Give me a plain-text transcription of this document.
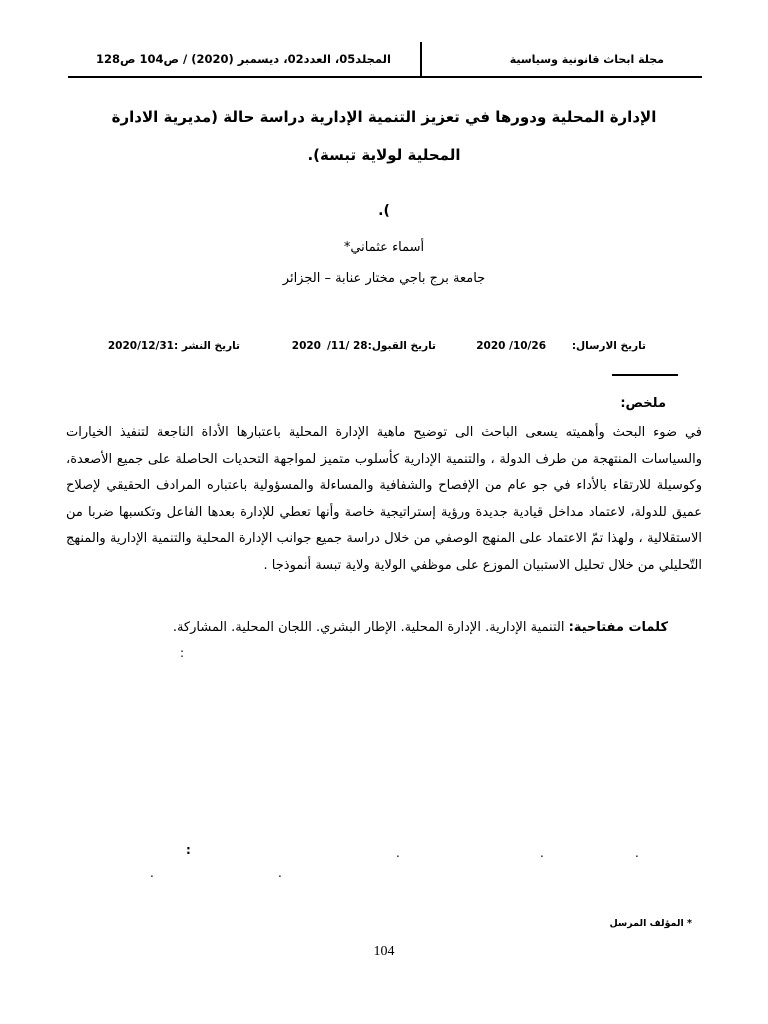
مجلة ابحاث قانونية وسياسية
المجلد05، العدد02، ديسمبر (2020) / ص104 ص128
الإدارة المحلية ودورها في تعزيز التنمية الإدارية دراسة حالة (مديرية الادارة المحلية لولاية تبسة).
).
أسماء عثماني*
جامعة برج باجي مختار عنابة – الجزائر
تاريخ الارسال:
10/26/ 2020
تاريخ القبول:28 /11/
2020
تاريخ النشر :2020/12/31
ملخص:
في ضوء البحث وأهميته يسعى الباحث الى توضيح ماهية الإدارة المحلية باعتبارها الأداة الناجعة لتنفيذ الخيارات والسياسات المنتهجة من طرف الدولة ، والتنمية الإدارية كأسلوب متميز لمواجهة التحديات الحاصلة على جميع الأصعدة، وكوسيلة للارتقاء بالأداء في جو عام من الإفصاح والشفافية والمساءلة والمسؤولية باعتباره المرادف الحقيقي لإصلاح عميق للدولة، لاعتماد مداخل قيادية جديدة ورؤية إستراتيجية خاصة وأنها تعطي للإدارة بعدها الفاعل وتكسبها ضربا من الاستقلالية ، ولهذا تمّ الاعتماد على المنهج الوصفي من خلال دراسة جميع جوانب الإدارة المحلية والتنمية الإدارية والمنهج التّحليلي من خلال تحليل الاستبيان الموزع على موظفي الولاية ولاية تبسة أنموذجا .
كلمات مفتاحية: التنمية الإدارية. الإدارة المحلية. الإطار البشري. اللجان المحلية. المشاركة.
:
:	.	.	.
.	.
* المؤلف المرسل
104
